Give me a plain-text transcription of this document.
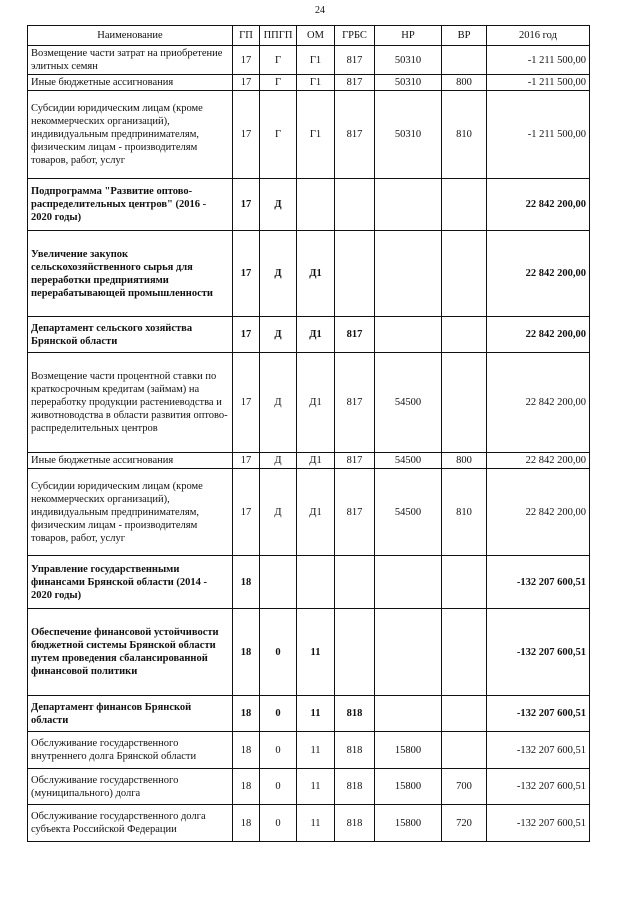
24
Наименование	ГП	ППГП	ОМ	ГРБС	НР	ВР	2016 год
Возмещение части затрат на приобретение элитных семян	17	Г	Г1	817	50310		-1 211 500,00
Иные бюджетные ассигнования	17	Г	Г1	817	50310	800	-1 211 500,00
Субсидии юридическим лицам (кроме некоммерческих организаций), индивидуальным предпринимателям, физическим лицам - производителям товаров, работ, услуг	17	Г	Г1	817	50310	810	-1 211 500,00
Подпрограмма "Развитие оптово-распределительных центров" (2016 - 2020 годы)	17	Д					22 842 200,00
Увеличение закупок сельскохозяйственного сырья для переработки предприятиями перерабатывающей промышленности	17	Д	Д1				22 842 200,00
Департамент сельского хозяйства Брянской области	17	Д	Д1	817			22 842 200,00
Возмещение части процентной ставки по краткосрочным кредитам (займам) на переработку продукции растениеводства и животноводства в области развития оптово-распределительных центров	17	Д	Д1	817	54500		22 842 200,00
Иные бюджетные ассигнования	17	Д	Д1	817	54500	800	22 842 200,00
Субсидии юридическим лицам (кроме некоммерческих организаций), индивидуальным предпринимателям, физическим лицам - производителям товаров, работ, услуг	17	Д	Д1	817	54500	810	22 842 200,00
Управление государственными финансами Брянской области (2014 - 2020 годы)	18						-132 207 600,51
Обеспечение финансовой устойчивости бюджетной системы Брянской области путем проведения сбалансированной финансовой политики	18	0	11				-132 207 600,51
Департамент финансов Брянской области	18	0	11	818			-132 207 600,51
Обслуживание государственного внутреннего долга Брянской области	18	0	11	818	15800		-132 207 600,51
Обслуживание государственного (муниципального) долга	18	0	11	818	15800	700	-132 207 600,51
Обслуживание государственного долга субъекта Российской Федерации	18	0	11	818	15800	720	-132 207 600,51
